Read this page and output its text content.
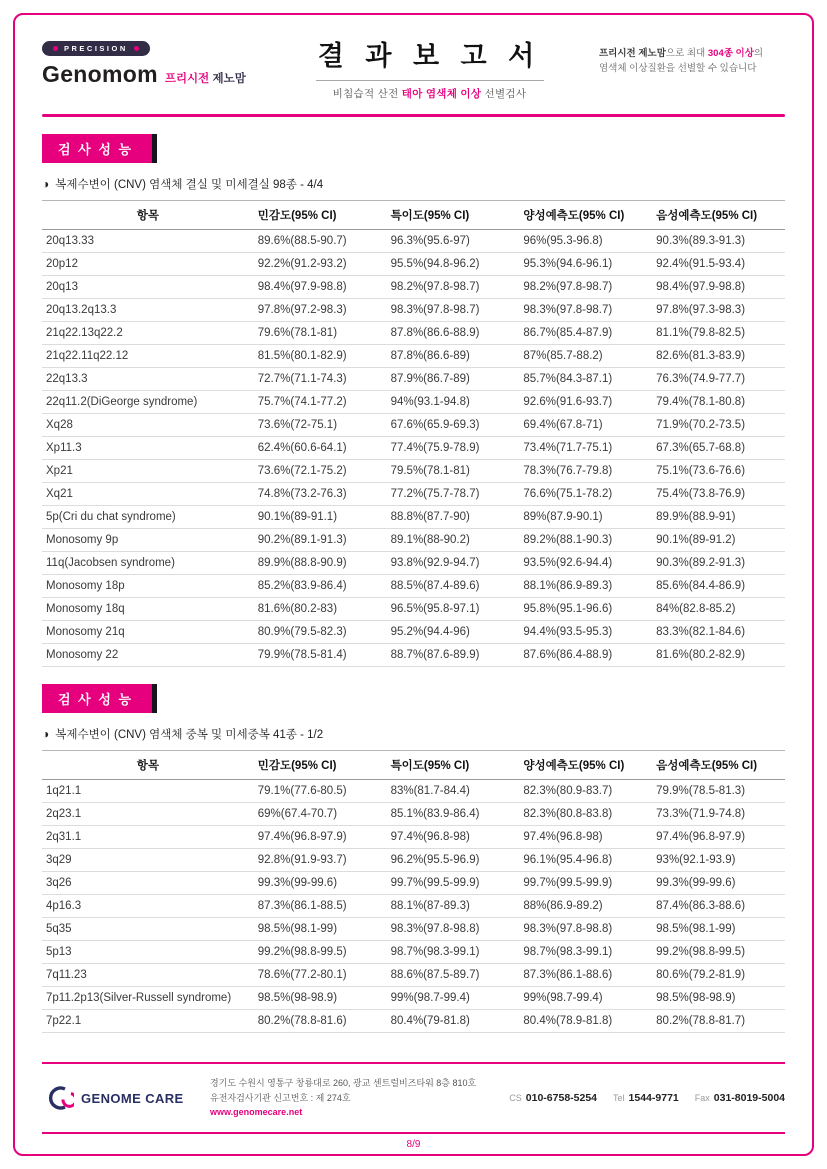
PRECISION
Genomom 프리시전 제노맘
결 과 보 고 서
비침습적 산전 태아 염색체 이상 선별검사
프리시전 제노맘으로 최대 304종 이상의
염색체 이상질환을 선별할 수 있습니다
검 사 성 능
◑ 복제수변이 (CNV) 염색체 결실 및 미세결실 98종 - 4/4
항목	민감도(95% CI)	특이도(95% CI)	양성예측도(95% CI)	음성예측도(95% CI)
20q13.33	89.6%(88.5-90.7)	96.3%(95.6-97)	96%(95.3-96.8)	90.3%(89.3-91.3)
20p12	92.2%(91.2-93.2)	95.5%(94.8-96.2)	95.3%(94.6-96.1)	92.4%(91.5-93.4)
20q13	98.4%(97.9-98.8)	98.2%(97.8-98.7)	98.2%(97.8-98.7)	98.4%(97.9-98.8)
20q13.2q13.3	97.8%(97.2-98.3)	98.3%(97.8-98.7)	98.3%(97.8-98.7)	97.8%(97.3-98.3)
21q22.13q22.2	79.6%(78.1-81)	87.8%(86.6-88.9)	86.7%(85.4-87.9)	81.1%(79.8-82.5)
21q22.11q22.12	81.5%(80.1-82.9)	87.8%(86.6-89)	87%(85.7-88.2)	82.6%(81.3-83.9)
22q13.3	72.7%(71.1-74.3)	87.9%(86.7-89)	85.7%(84.3-87.1)	76.3%(74.9-77.7)
22q11.2(DiGeorge syndrome)	75.7%(74.1-77.2)	94%(93.1-94.8)	92.6%(91.6-93.7)	79.4%(78.1-80.8)
Xq28	73.6%(72-75.1)	67.6%(65.9-69.3)	69.4%(67.8-71)	71.9%(70.2-73.5)
Xp11.3	62.4%(60.6-64.1)	77.4%(75.9-78.9)	73.4%(71.7-75.1)	67.3%(65.7-68.8)
Xp21	73.6%(72.1-75.2)	79.5%(78.1-81)	78.3%(76.7-79.8)	75.1%(73.6-76.6)
Xq21	74.8%(73.2-76.3)	77.2%(75.7-78.7)	76.6%(75.1-78.2)	75.4%(73.8-76.9)
5p(Cri du chat syndrome)	90.1%(89-91.1)	88.8%(87.7-90)	89%(87.9-90.1)	89.9%(88.9-91)
Monosomy 9p	90.2%(89.1-91.3)	89.1%(88-90.2)	89.2%(88.1-90.3)	90.1%(89-91.2)
11q(Jacobsen syndrome)	89.9%(88.8-90.9)	93.8%(92.9-94.7)	93.5%(92.6-94.4)	90.3%(89.2-91.3)
Monosomy 18p	85.2%(83.9-86.4)	88.5%(87.4-89.6)	88.1%(86.9-89.3)	85.6%(84.4-86.9)
Monosomy 18q	81.6%(80.2-83)	96.5%(95.8-97.1)	95.8%(95.1-96.6)	84%(82.8-85.2)
Monosomy 21q	80.9%(79.5-82.3)	95.2%(94.4-96)	94.4%(93.5-95.3)	83.3%(82.1-84.6)
Monosomy 22	79.9%(78.5-81.4)	88.7%(87.6-89.9)	87.6%(86.4-88.9)	81.6%(80.2-82.9)
검 사 성 능
◑ 복제수변이 (CNV) 염색체 중복 및 미세중복 41종 - 1/2
항목	민감도(95% CI)	특이도(95% CI)	양성예측도(95% CI)	음성예측도(95% CI)
1q21.1	79.1%(77.6-80.5)	83%(81.7-84.4)	82.3%(80.9-83.7)	79.9%(78.5-81.3)
2q23.1	69%(67.4-70.7)	85.1%(83.9-86.4)	82.3%(80.8-83.8)	73.3%(71.9-74.8)
2q31.1	97.4%(96.8-97.9)	97.4%(96.8-98)	97.4%(96.8-98)	97.4%(96.8-97.9)
3q29	92.8%(91.9-93.7)	96.2%(95.5-96.9)	96.1%(95.4-96.8)	93%(92.1-93.9)
3q26	99.3%(99-99.6)	99.7%(99.5-99.9)	99.7%(99.5-99.9)	99.3%(99-99.6)
4p16.3	87.3%(86.1-88.5)	88.1%(87-89.3)	88%(86.9-89.2)	87.4%(86.3-88.6)
5q35	98.5%(98.1-99)	98.3%(97.8-98.8)	98.3%(97.8-98.8)	98.5%(98.1-99)
5p13	99.2%(98.8-99.5)	98.7%(98.3-99.1)	98.7%(98.3-99.1)	99.2%(98.8-99.5)
7q11.23	78.6%(77.2-80.1)	88.6%(87.5-89.7)	87.3%(86.1-88.6)	80.6%(79.2-81.9)
7p11.2p13(Silver-Russell syndrome)	98.5%(98-98.9)	99%(98.7-99.4)	99%(98.7-99.4)	98.5%(98-98.9)
7p22.1	80.2%(78.8-81.6)	80.4%(79-81.8)	80.4%(78.9-81.8)	80.2%(78.8-81.7)
GENOME CARE
경기도 수원시 영통구 창룡대로 260, 광교 센트럴비즈타워 8층 810호
유전자검사기관 신고번호 : 제 274호
www.genomecare.net
CS 010-6758-5254 Tel 1544-9771 Fax 031-8019-5004
8/9
